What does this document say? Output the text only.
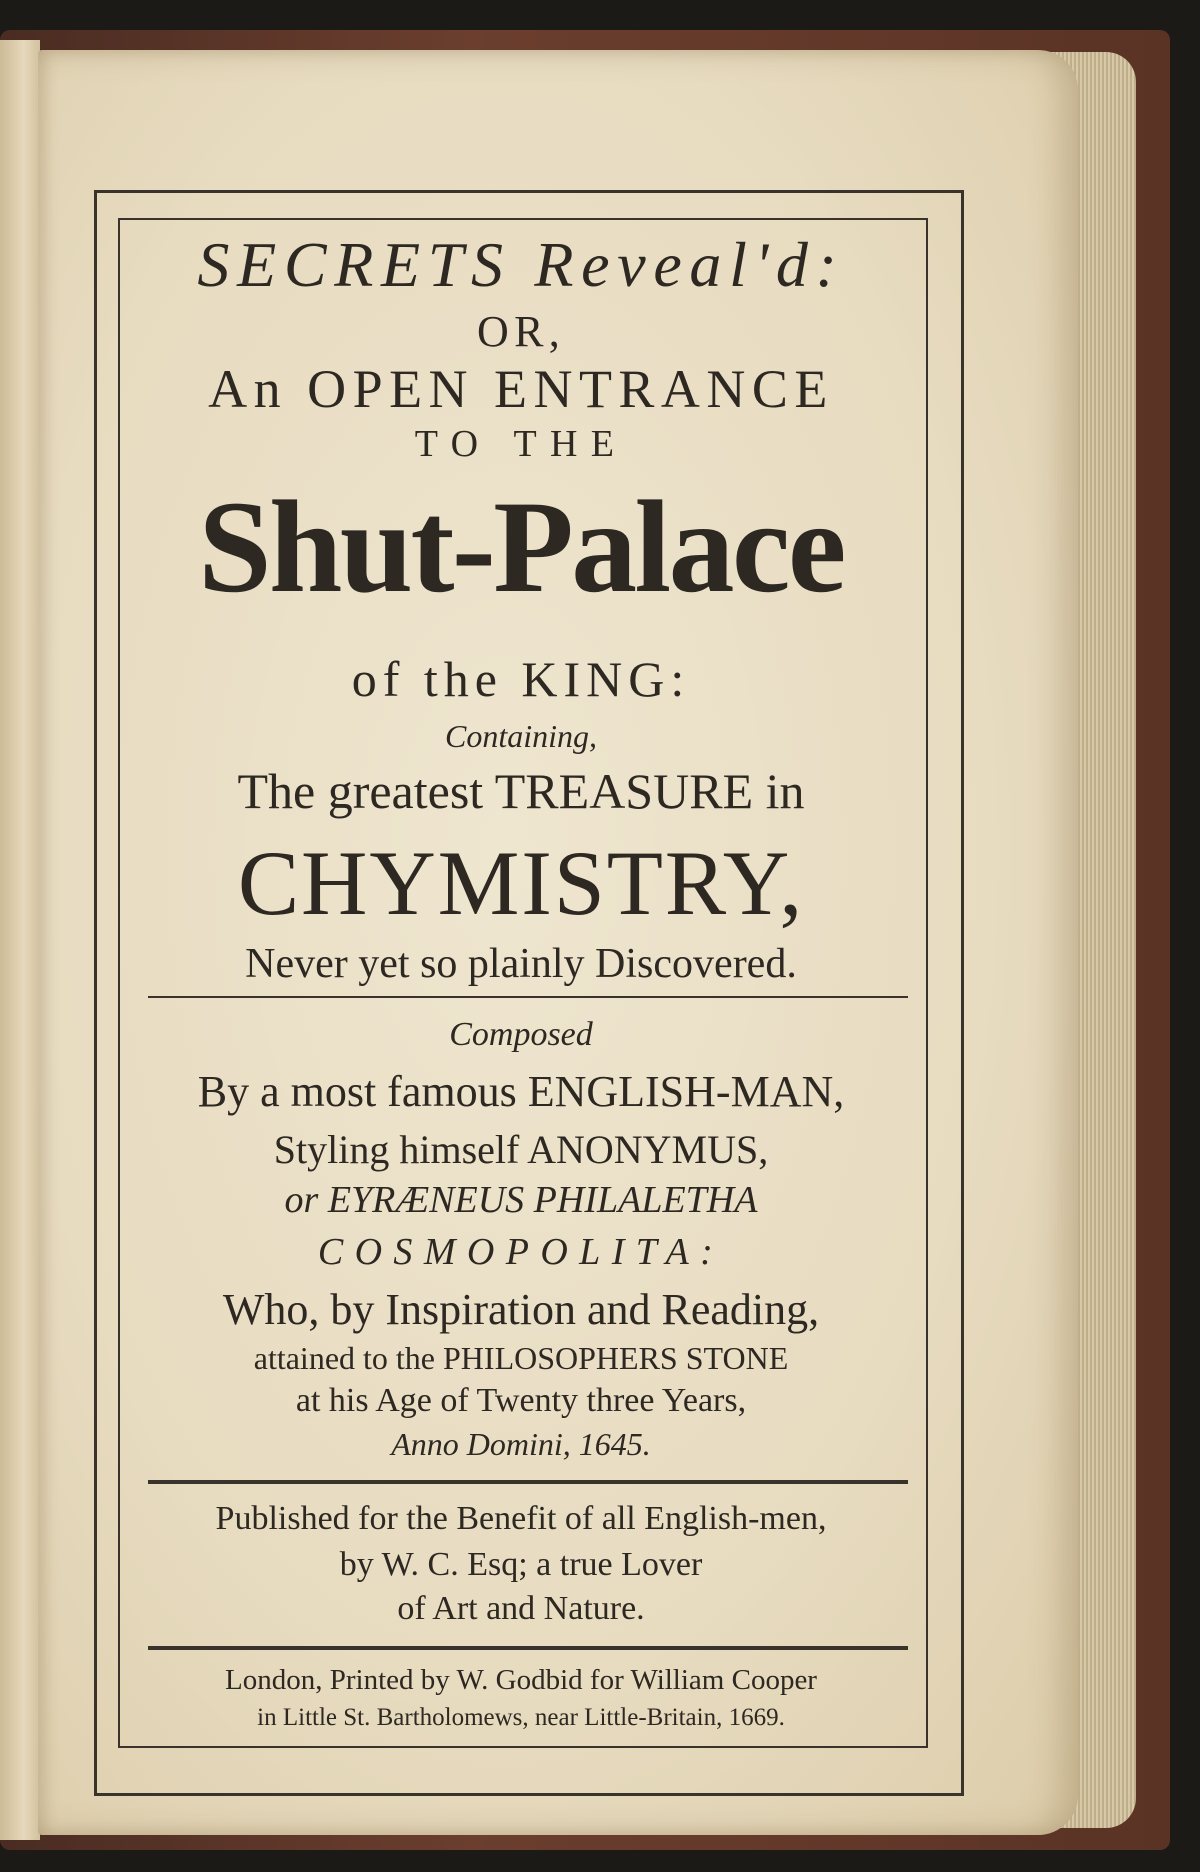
SECRETS Reveal'd:
OR,
An OPEN ENTRANCE
TO THE
Shut-Palace
of the KING:
Containing,
The greatest TREASURE in
CHYMISTRY,
Never yet so plainly Discovered.
Composed
By a most famous ENGLISH-MAN,
Styling himself ANONYMUS,
or EYRÆNEUS PHILALETHA
COSMOPOLITA:
Who, by Inspiration and Reading,
attained to the PHILOSOPHERS STONE
at his Age of Twenty three Years,
Anno Domini, 1645.
Published for the Benefit of all English-men,
by W. C. Esq; a true Lover
of Art and Nature.
London, Printed by W. Godbid for William Cooper
in Little St. Bartholomews, near Little-Britain, 1669.
